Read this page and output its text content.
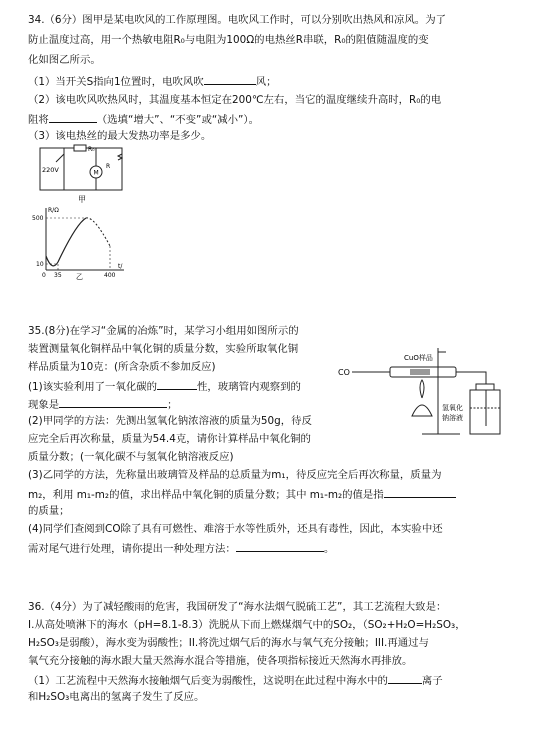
34.（6分）图甲是某电吹风的工作原理图。电吹风工作时，可以分别吹出热风和凉风。为了
防止温度过高，用一个热敏电阻R₀与电阻为100Ω的电热丝R串联，R₀的阻值随温度的变
化如图乙所示。
（1）当开关S指向1位置时，电吹风吹	风；
（2）该电吹风吹热风时，其温度基本恒定在200℃左右，当它的温度继续升高时，R₀的电
阻将	（选填“增大”、“不变”或“减小”）。
（3）该电热丝的最大发热功率是多少。
220V
R₀
R
M
甲
R/Ω
500
10
0 35	400
t/
乙
35.(8分)在学习“金属的冶炼”时，某学习小组用如图所示的
装置测量氧化铜样品中氧化铜的质量分数，实验所取氧化铜
样品质量为10克：(所含杂质不参加反应)
(1)该实验利用了一氧化碳的	性，玻璃管内观察到的
现象是	；
(2)甲同学的方法：先测出氢氧化钠浓溶液的质量为50g，待反
应完全后再次称量，质量为54.4克，请你计算样品中氧化铜的
质量分数；(一氧化碳不与氢氧化钠溶液反应)
(3)乙同学的方法，先称量出玻璃管及样品的总质量为m₁，待反应完全后再次称量，质量为
m₂，利用 m₁-m₂的值，求出样品中氧化铜的质量分数；其中 m₁-m₂的值是指
的质量；
(4)同学们查阅到CO除了具有可燃性、难溶于水等性质外，还具有毒性，因此，本实验中还
需对尾气进行处理，请你提出一种处理方法：	。
CO
CuO样品
氢氧化
钠溶液
36.（4分）为了减轻酸雨的危害，我国研发了“海水法烟气脱硫工艺”，其工艺流程大致是：
I.从高处喷淋下的海水（pH=8.1-8.3）洗脱从下而上燃煤烟气中的SO₂，（SO₂+H₂O=H₂SO₃，
H₂SO₃是弱酸），海水变为弱酸性；II.将洗过烟气后的海水与氧气充分接触；III.再通过与
氧气充分接触的海水跟大量天然海水混合等措施，使各项指标接近天然海水再排放。
（1）工艺流程中天然海水接触烟气后变为弱酸性，这说明在此过程中海水中的	离子
和H₂SO₃电离出的氢离子发生了反应。
